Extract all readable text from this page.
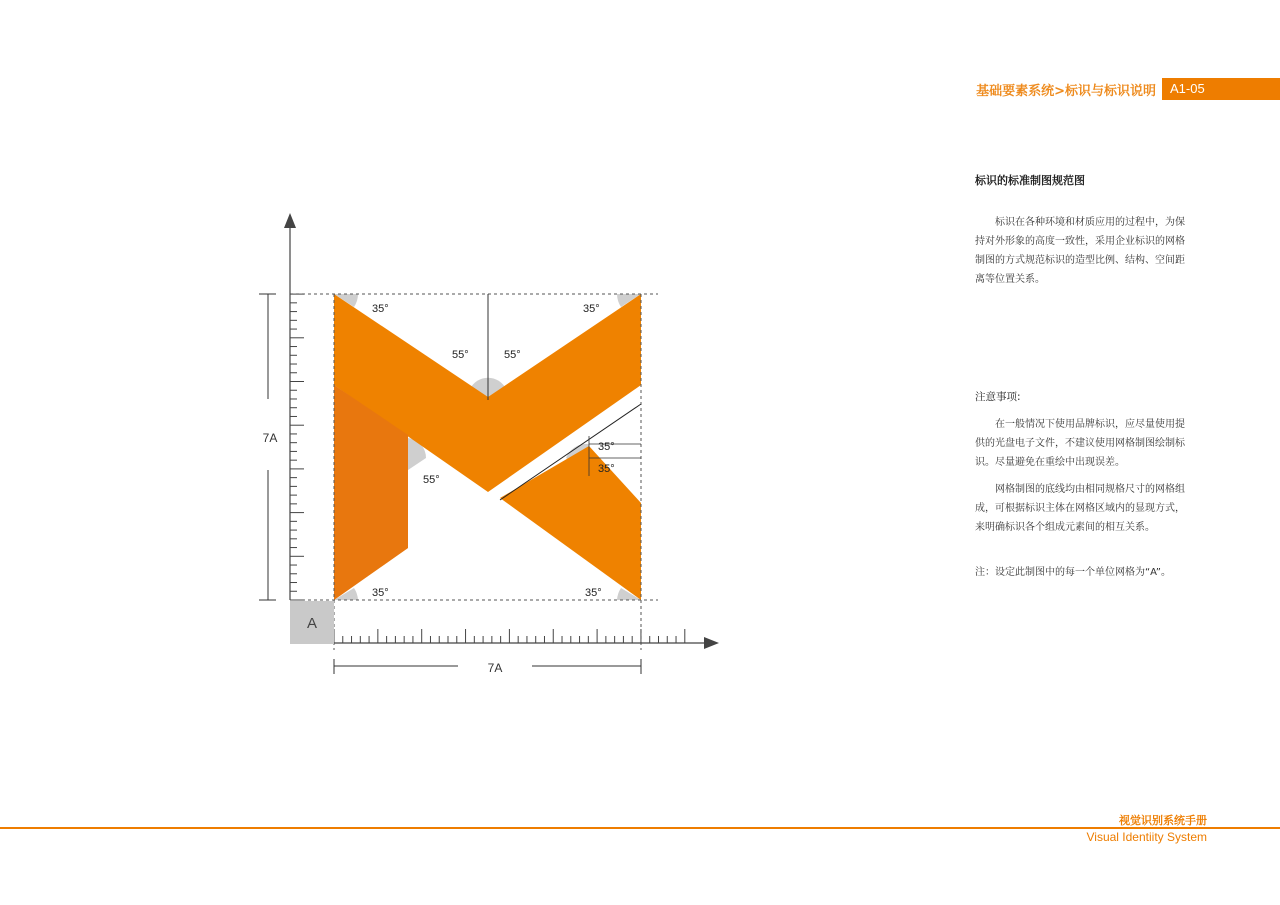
基础要素系统>标识与标识说明 A1-05
A
7A
7A
35°	35°
55°	55°
55°
35°
35°
35°	35°
标识的标准制图规范图

标识在各种环境和材质应用的过程中，为保持对外形象的高度一致性，采用企业标识的网格制图的方式规范标识的造型比例、结构、空间距离等位置关系。

注意事项:

在一般情况下使用品牌标识，应尽量使用提供的光盘电子文件，不建议使用网格制图绘制标识。尽量避免在重绘中出现误差。

网格制图的底线均由相同规格尺寸的网格组成，可根据标识主体在网格区域内的显现方式，来明确标识各个组成元素间的相互关系。

注：设定此制图中的每一个单位网格为“A”。

视觉识别系统手册
Visual Identiity System
